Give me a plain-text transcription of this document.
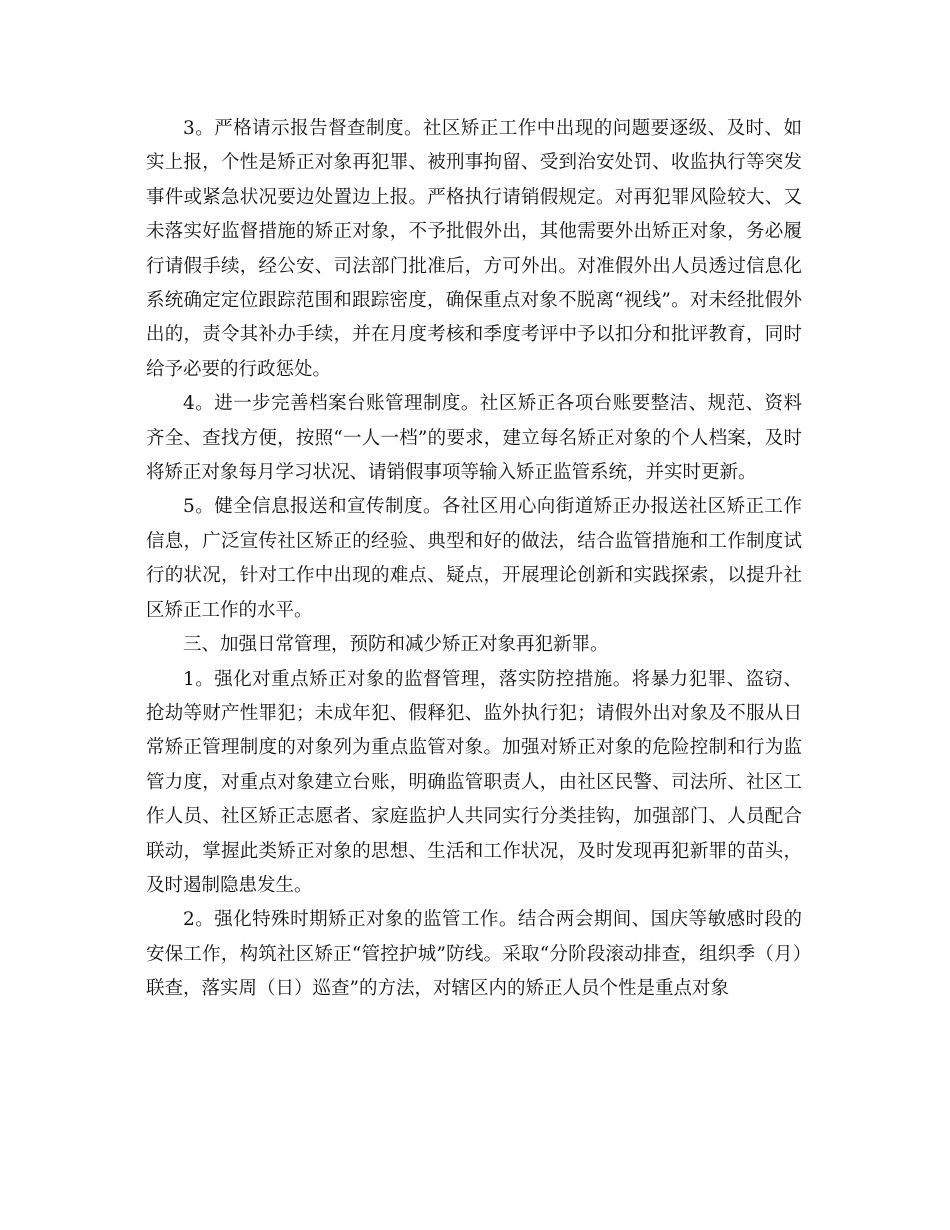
3。严格请示报告督查制度。社区矫正工作中出现的问题要逐级、及时、如实上报，个性是矫正对象再犯罪、被刑事拘留、受到治安处罚、收监执行等突发事件或紧急状况要边处置边上报。严格执行请销假规定。对再犯罪风险较大、又未落实好监督措施的矫正对象，不予批假外出，其他需要外出矫正对象，务必履行请假手续，经公安、司法部门批准后，方可外出。对准假外出人员透过信息化系统确定定位跟踪范围和跟踪密度，确保重点对象不脱离“视线”。对未经批假外出的，责令其补办手续，并在月度考核和季度考评中予以扣分和批评教育，同时给予必要的行政惩处。

4。进一步完善档案台账管理制度。社区矫正各项台账要整洁、规范、资料齐全、查找方便，按照“一人一档”的要求，建立每名矫正对象的个人档案，及时将矫正对象每月学习状况、请销假事项等输入矫正监管系统，并实时更新。

5。健全信息报送和宣传制度。各社区用心向街道矫正办报送社区矫正工作信息，广泛宣传社区矫正的经验、典型和好的做法，结合监管措施和工作制度试行的状况，针对工作中出现的难点、疑点，开展理论创新和实践探索，以提升社区矫正工作的水平。

三、加强日常管理，预防和减少矫正对象再犯新罪。

1。强化对重点矫正对象的监督管理，落实防控措施。将暴力犯罪、盗窃、抢劫等财产性罪犯；未成年犯、假释犯、监外执行犯；请假外出对象及不服从日常矫正管理制度的对象列为重点监管对象。加强对矫正对象的危险控制和行为监管力度，对重点对象建立台账，明确监管职责人，由社区民警、司法所、社区工作人员、社区矫正志愿者、家庭监护人共同实行分类挂钩，加强部门、人员配合联动，掌握此类矫正对象的思想、生活和工作状况，及时发现再犯新罪的苗头，及时遏制隐患发生。

2。强化特殊时期矫正对象的监管工作。结合两会期间、国庆等敏感时段的安保工作，构筑社区矫正“管控护城”防线。采取“分阶段滚动排查，组织季（月）联查，落实周（日）巡查”的方法，对辖区内的矫正人员个性是重点对象
